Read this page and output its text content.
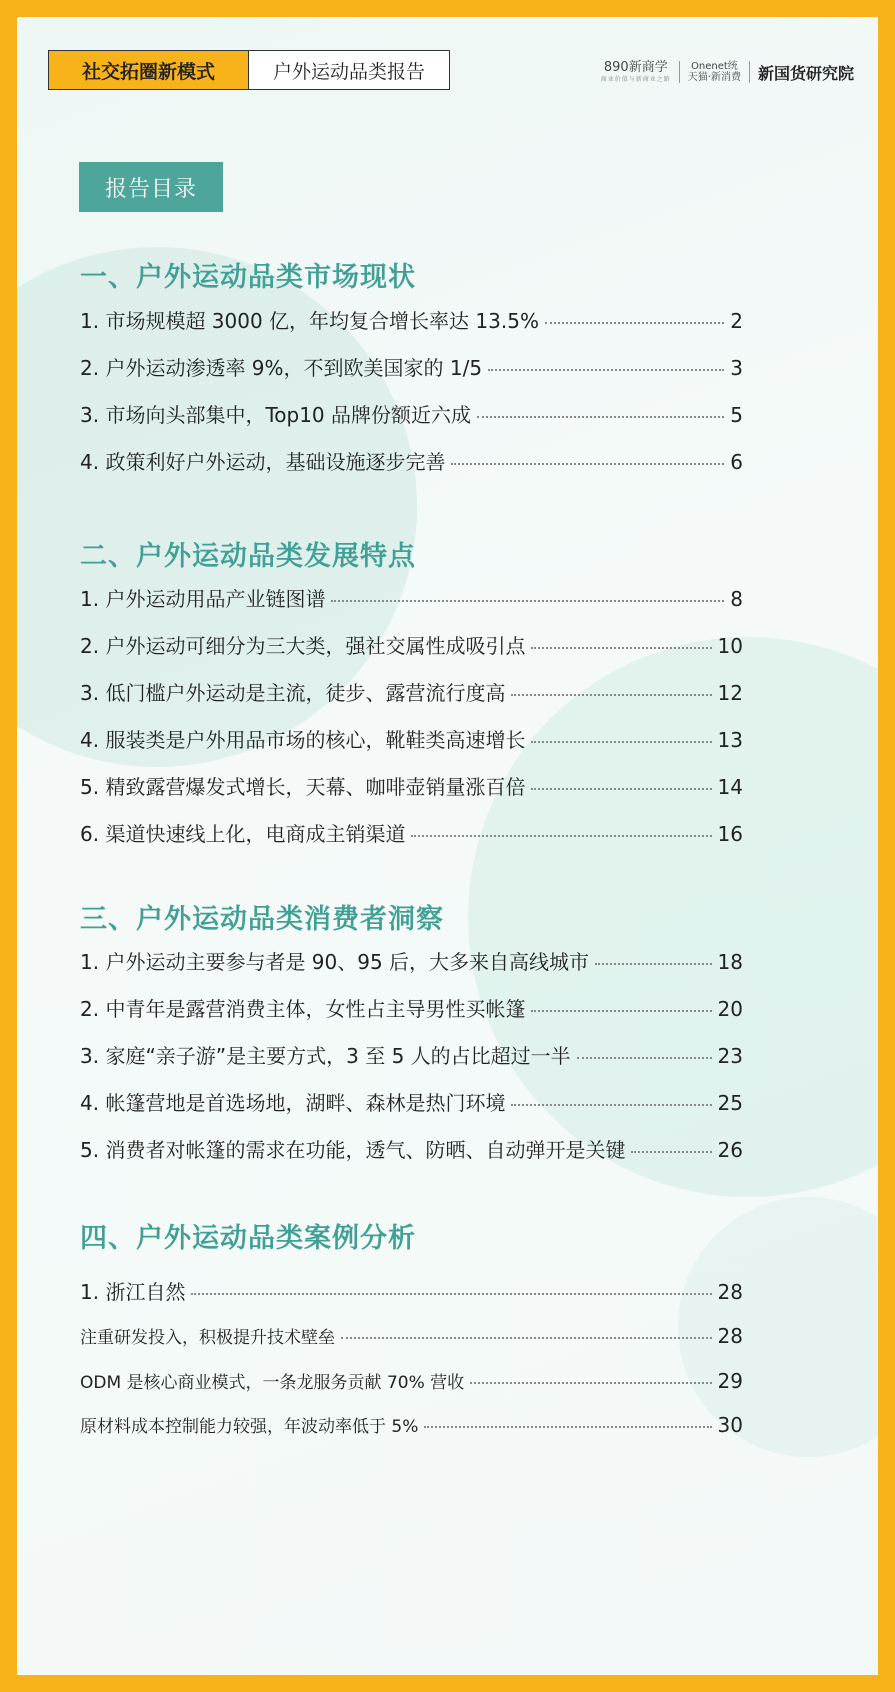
社交拓圈新模式	户外运动品类报告	890新商学
商业价值与新商业之路
Onenet统
天猫·新消费	新国货研究院
报告目录
一、户外运动品类市场现状
1. 市场规模超 3000 亿，年均复合增长率达 13.5%	2
2. 户外运动渗透率 9%，不到欧美国家的 1/5	3
3. 市场向头部集中，Top10 品牌份额近六成	5
4. 政策利好户外运动，基础设施逐步完善	6
二、户外运动品类发展特点
1. 户外运动用品产业链图谱	8
2. 户外运动可细分为三大类，强社交属性成吸引点	10
3. 低门槛户外运动是主流，徒步、露营流行度高	12
4. 服装类是户外用品市场的核心，靴鞋类高速增长	13
5. 精致露营爆发式增长，天幕、咖啡壶销量涨百倍	14
6. 渠道快速线上化，电商成主销渠道	16
三、户外运动品类消费者洞察
1. 户外运动主要参与者是 90、95 后，大多来自高线城市	18
2. 中青年是露营消费主体，女性占主导男性买帐篷	20
3. 家庭“亲子游”是主要方式，3 至 5 人的占比超过一半	23
4. 帐篷营地是首选场地，湖畔、森林是热门环境	25
5. 消费者对帐篷的需求在功能，透气、防晒、自动弹开是关键	26
四、户外运动品类案例分析
1. 浙江自然	28
注重研发投入，积极提升技术壁垒	28
ODM 是核心商业模式，一条龙服务贡献 70% 营收	29
原材料成本控制能力较强，年波动率低于 5%	30
